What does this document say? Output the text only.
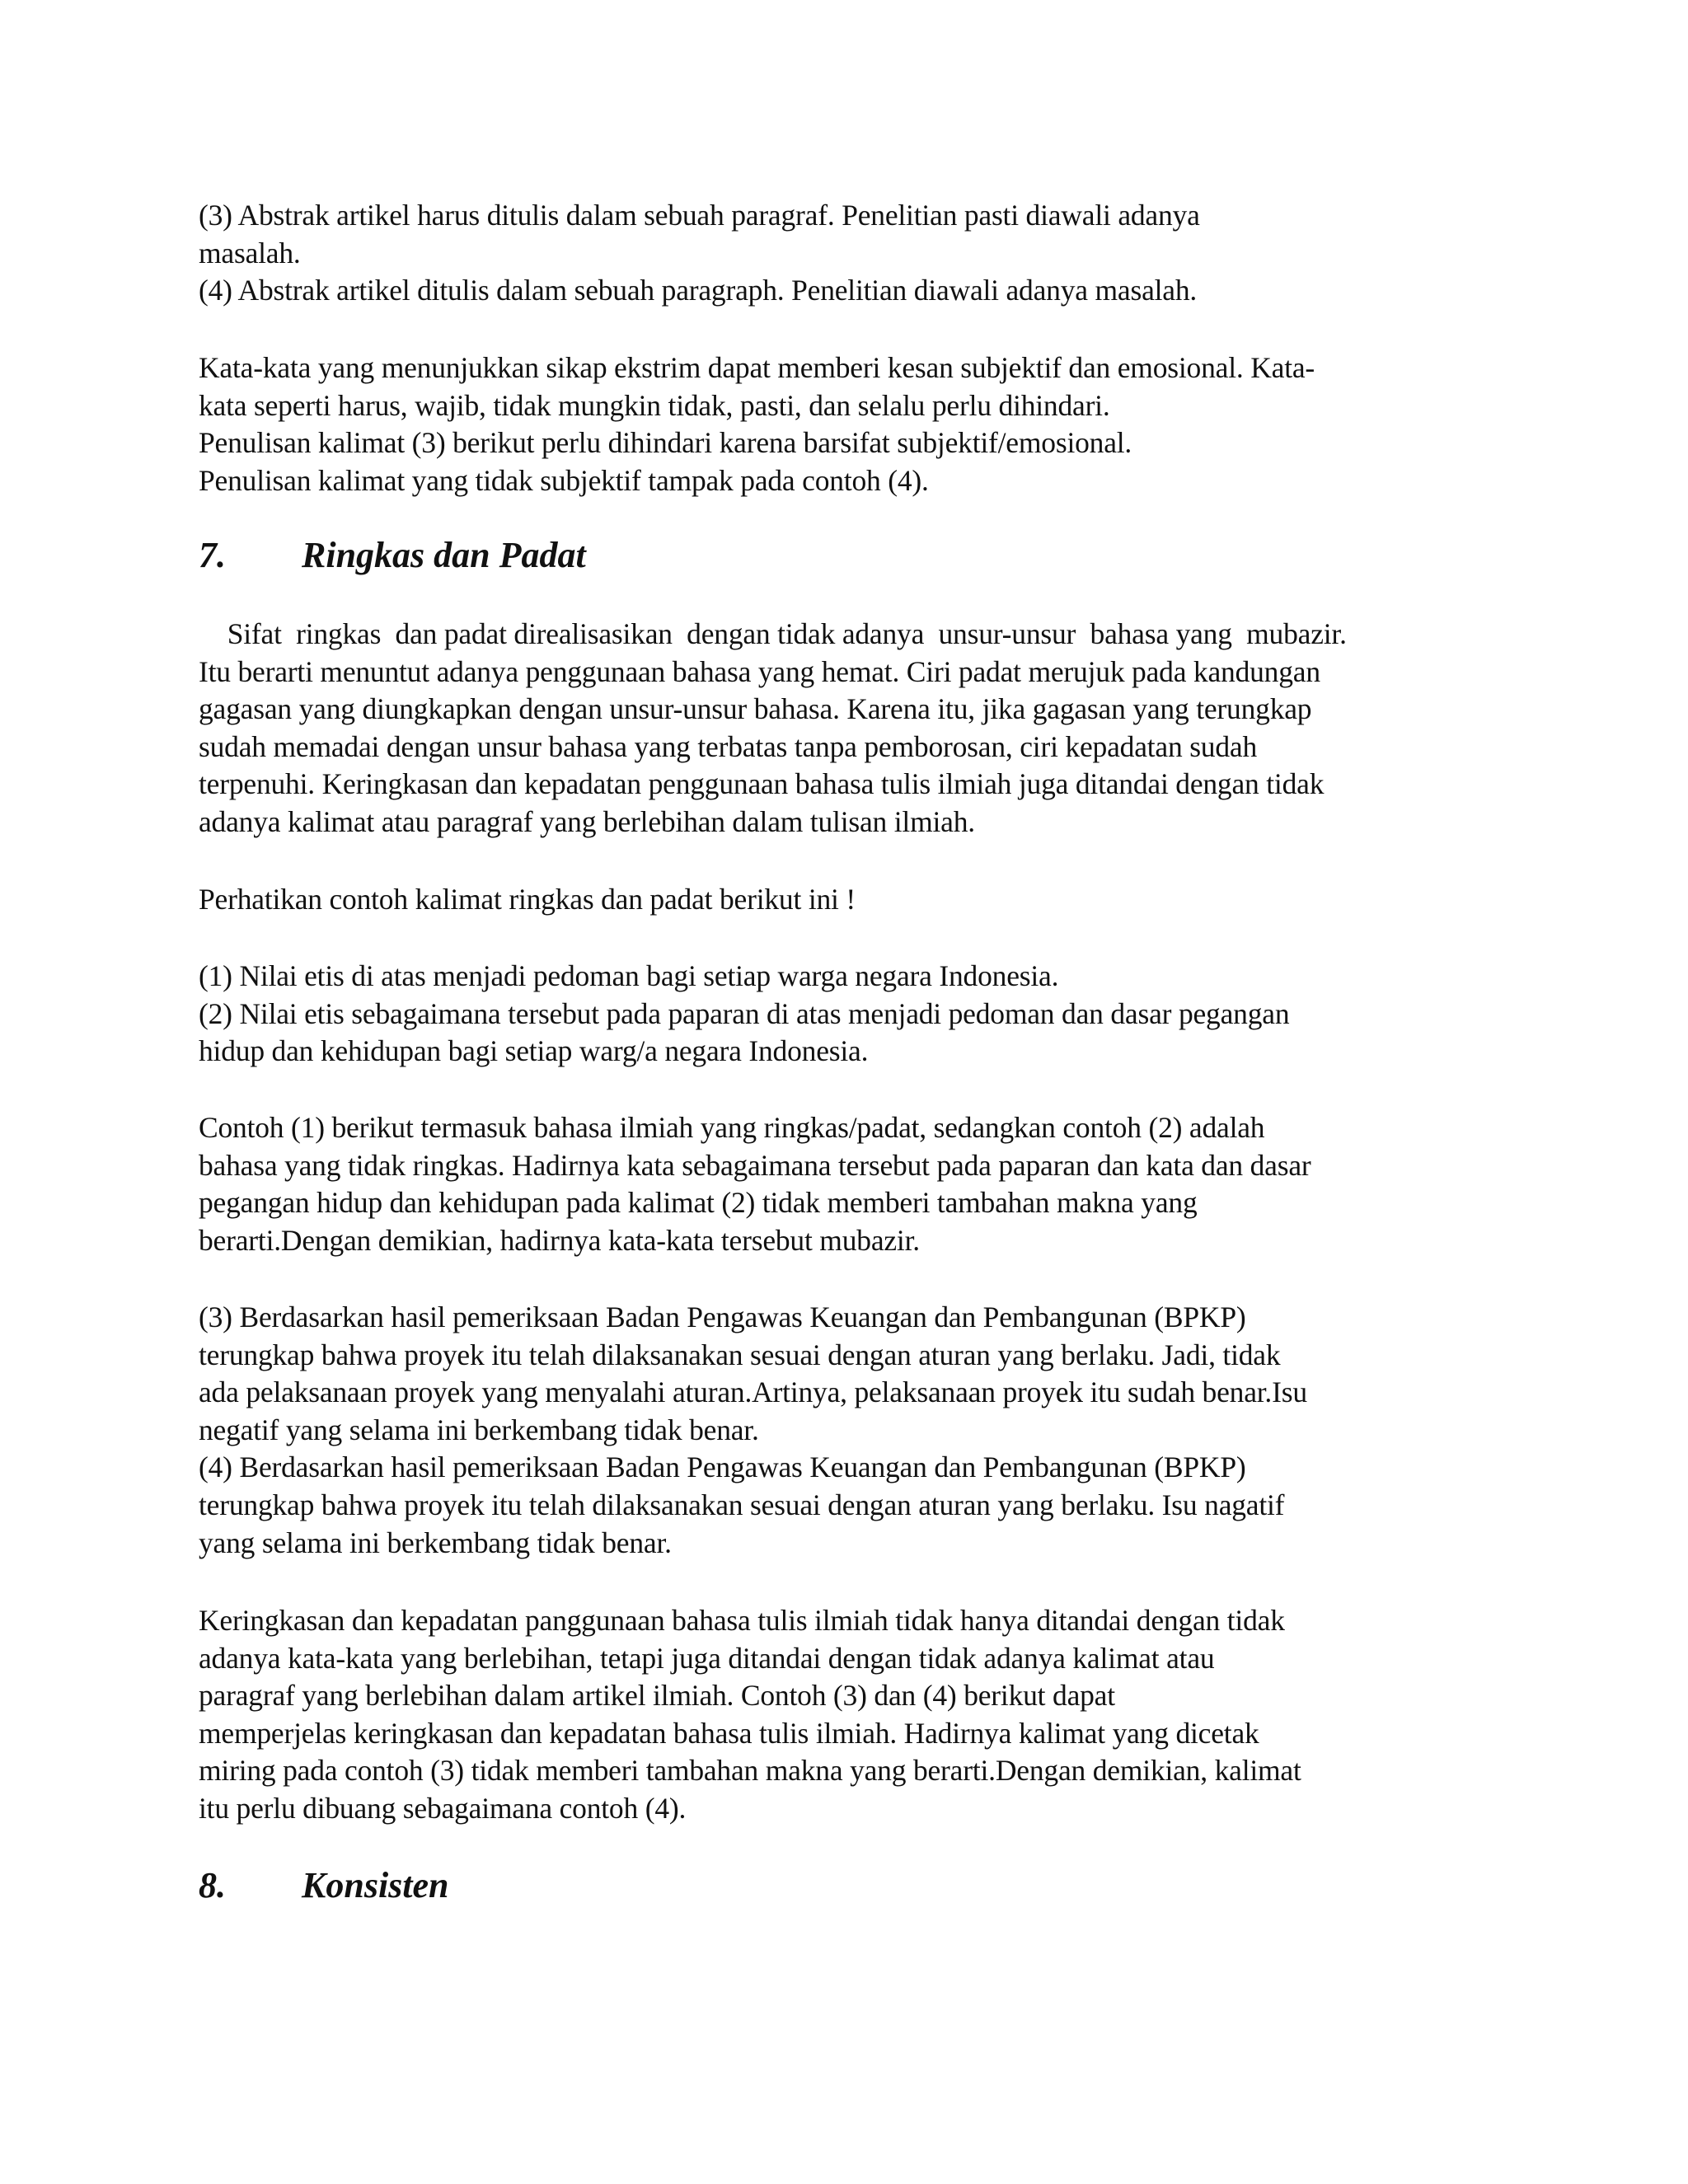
(3) Abstrak artikel harus ditulis dalam sebuah paragraf. Penelitian pasti diawali adanya
masalah.
(4) Abstrak artikel ditulis dalam sebuah paragraph. Penelitian diawali adanya masalah.
Kata-kata yang menunjukkan sikap ekstrim dapat memberi kesan subjektif dan emosional. Kata-
kata seperti harus, wajib, tidak mungkin tidak, pasti, dan selalu perlu dihindari.
Penulisan kalimat (3) berikut perlu dihindari karena barsifat subjektif/emosional.
Penulisan kalimat yang tidak subjektif tampak pada contoh (4).
7. Ringkas dan Padat
Sifat  ringkas  dan padat direalisasikan  dengan tidak adanya  unsur-unsur  bahasa yang  mubazir.
Itu berarti menuntut adanya penggunaan bahasa yang hemat. Ciri padat merujuk pada kandungan
gagasan yang diungkapkan dengan unsur-unsur bahasa. Karena itu, jika gagasan yang terungkap
sudah memadai dengan unsur bahasa yang terbatas tanpa pemborosan, ciri kepadatan sudah
terpenuhi. Keringkasan dan kepadatan penggunaan bahasa tulis ilmiah juga ditandai dengan tidak
adanya kalimat atau paragraf yang berlebihan dalam tulisan ilmiah.
Perhatikan contoh kalimat ringkas dan padat berikut ini !
(1) Nilai etis di atas menjadi pedoman bagi setiap warga negara Indonesia.
(2) Nilai etis sebagaimana tersebut pada paparan di atas menjadi pedoman dan dasar pegangan
hidup dan kehidupan bagi setiap warg/a negara Indonesia.
Contoh (1) berikut termasuk bahasa ilmiah yang ringkas/padat, sedangkan contoh (2) adalah
bahasa yang tidak ringkas. Hadirnya kata sebagaimana tersebut pada paparan dan kata dan dasar
pegangan hidup dan kehidupan pada kalimat (2) tidak memberi tambahan makna yang
berarti.Dengan demikian, hadirnya kata-kata tersebut mubazir.
(3) Berdasarkan hasil pemeriksaan Badan Pengawas Keuangan dan Pembangunan (BPKP)
terungkap bahwa proyek itu telah dilaksanakan sesuai dengan aturan yang berlaku. Jadi, tidak
ada pelaksanaan proyek yang menyalahi aturan.Artinya, pelaksanaan proyek itu sudah benar.Isu
negatif yang selama ini berkembang tidak benar.
(4) Berdasarkan hasil pemeriksaan Badan Pengawas Keuangan dan Pembangunan (BPKP)
terungkap bahwa proyek itu telah dilaksanakan sesuai dengan aturan yang berlaku. Isu nagatif
yang selama ini berkembang tidak benar.
Keringkasan dan kepadatan panggunaan bahasa tulis ilmiah tidak hanya ditandai dengan tidak
adanya kata-kata yang berlebihan, tetapi juga ditandai dengan tidak adanya kalimat atau
paragraf yang berlebihan dalam artikel ilmiah. Contoh (3) dan (4) berikut dapat
memperjelas keringkasan dan kepadatan bahasa tulis ilmiah. Hadirnya kalimat yang dicetak
miring pada contoh (3) tidak memberi tambahan makna yang berarti.Dengan demikian, kalimat
itu perlu dibuang sebagaimana contoh (4).
8. Konsisten
